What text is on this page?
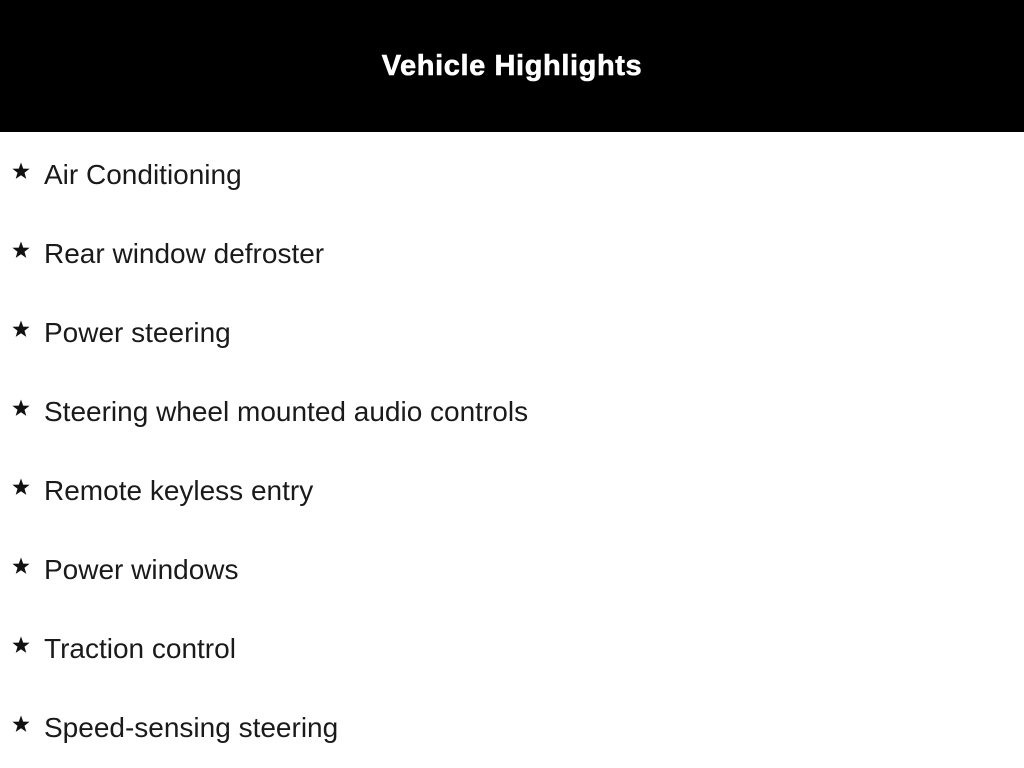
Vehicle Highlights
Air Conditioning
Rear window defroster
Power steering
Steering wheel mounted audio controls
Remote keyless entry
Power windows
Traction control
Speed-sensing steering
